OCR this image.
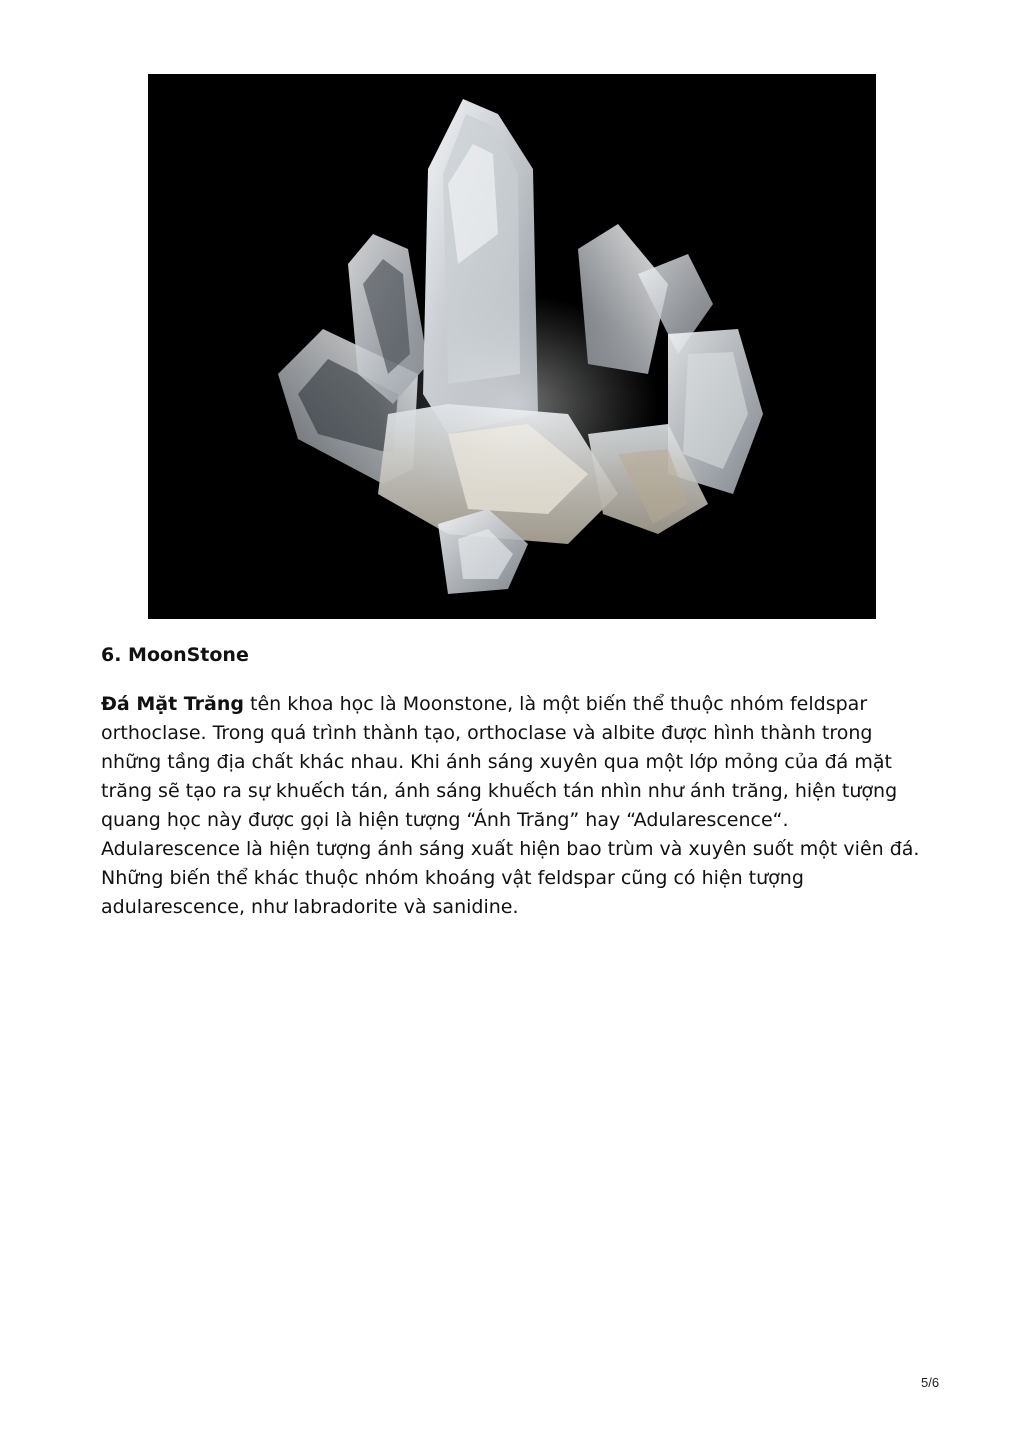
6. MoonStone

Đá Mặt Trăng tên khoa học là Moonstone, là một biến thể thuộc nhóm feldspar orthoclase. Trong quá trình thành tạo, orthoclase và albite được hình thành trong những tầng địa chất khác nhau. Khi ánh sáng xuyên qua một lớp mỏng của đá mặt trăng sẽ tạo ra sự khuếch tán, ánh sáng khuếch tán nhìn như ánh trăng, hiện tượng quang học này được gọi là hiện tượng “Ánh Trăng” hay “Adularescence“. Adularescence là hiện tượng ánh sáng xuất hiện bao trùm và xuyên suốt một viên đá. Những biến thể khác thuộc nhóm khoáng vật feldspar cũng có hiện tượng adularescence, như labradorite và sanidine.

5/6
